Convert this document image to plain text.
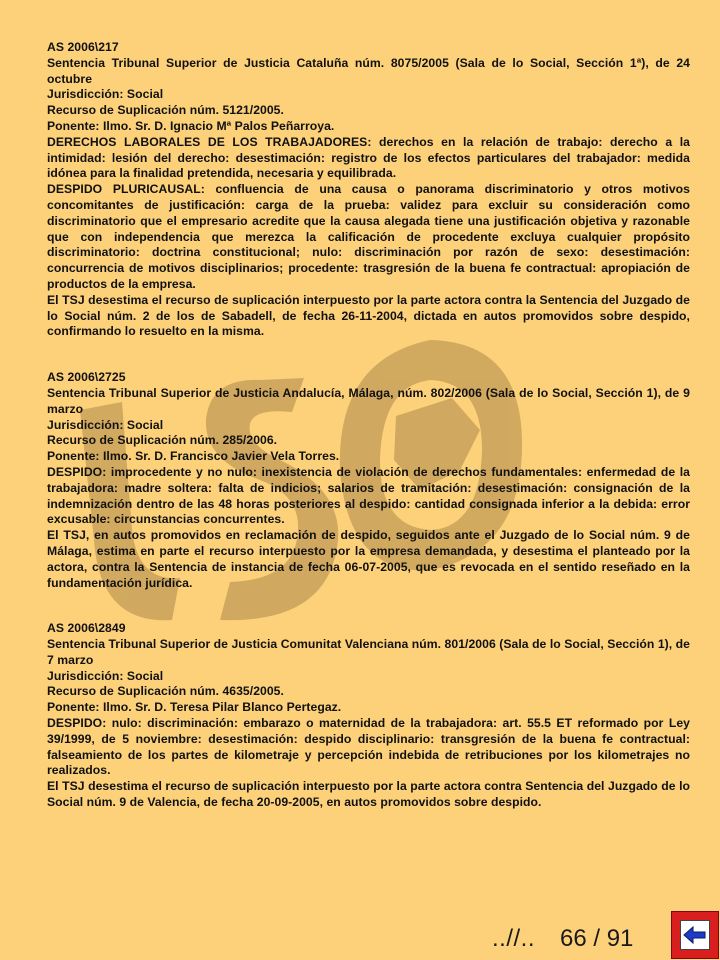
AS 2006\217

Sentencia Tribunal Superior de Justicia Cataluña núm. 8075/2005 (Sala de lo Social, Sección 1ª), de 24 octubre

Jurisdicción: Social

Recurso de Suplicación núm. 5121/2005.

Ponente: Ilmo. Sr. D. Ignacio Mª Palos Peñarroya.

DERECHOS LABORALES DE LOS TRABAJADORES: derechos en la relación de trabajo: derecho a la intimidad: lesión del derecho: desestimación: registro de los efectos particulares del trabajador: medida idónea para la finalidad pretendida, necesaria y equilibrada.

DESPIDO PLURICAUSAL: confluencia de una causa o panorama discriminatorio y otros motivos concomitantes de justificación: carga de la prueba: validez para excluir su consideración como discriminatorio que el empresario acredite que la causa alegada tiene una justificación objetiva y razonable que con independencia que merezca la calificación de procedente excluya cualquier propósito discriminatorio: doctrina constitucional; nulo: discriminación por razón de sexo: desestimación: concurrencia de motivos disciplinarios; procedente: trasgresión de la buena fe contractual: apropiación de productos de la empresa.

El TSJ desestima el recurso de suplicación interpuesto por la parte actora contra la Sentencia del Juzgado de lo Social núm. 2 de los de Sabadell, de fecha 26-11-2004, dictada en autos promovidos sobre despido, confirmando lo resuelto en la misma.

AS 2006\2725

Sentencia Tribunal Superior de Justicia Andalucía, Málaga, núm. 802/2006 (Sala de lo Social, Sección 1), de 9 marzo

Jurisdicción: Social

Recurso de Suplicación núm. 285/2006.

Ponente: Ilmo. Sr. D. Francisco Javier Vela Torres.

DESPIDO: improcedente y no nulo: inexistencia de violación de derechos fundamentales: enfermedad de la trabajadora: madre soltera: falta de indicios; salarios de tramitación: desestimación: consignación de la indemnización dentro de las 48 horas posteriores al despido: cantidad consignada inferior a la debida: error excusable: circunstancias concurrentes.

El TSJ, en autos promovidos en reclamación de despido, seguidos ante el Juzgado de lo Social núm. 9 de Málaga, estima en parte el recurso interpuesto por la empresa demandada, y desestima el planteado por la actora, contra la Sentencia de instancia de fecha 06-07-2005, que es revocada en el sentido reseñado en la fundamentación jurídica.

AS 2006\2849

Sentencia Tribunal Superior de Justicia Comunitat Valenciana núm. 801/2006 (Sala de lo Social, Sección 1), de 7 marzo

Jurisdicción: Social

Recurso de Suplicación núm. 4635/2005.

Ponente: Ilmo. Sr. D. Teresa Pilar Blanco Pertegaz.

DESPIDO: nulo: discriminación: embarazo o maternidad de la trabajadora: art. 55.5 ET reformado por Ley 39/1999, de 5 noviembre: desestimación: despido disciplinario: transgresión de la buena fe contractual: falseamiento de los partes de kilometraje y percepción indebida de retribuciones por los kilometrajes no realizados.

El TSJ desestima el recurso de suplicación interpuesto por la parte actora contra Sentencia del Juzgado de lo Social núm. 9 de Valencia, de fecha 20-09-2005, en autos promovidos sobre despido.

..//.. 66 / 91
